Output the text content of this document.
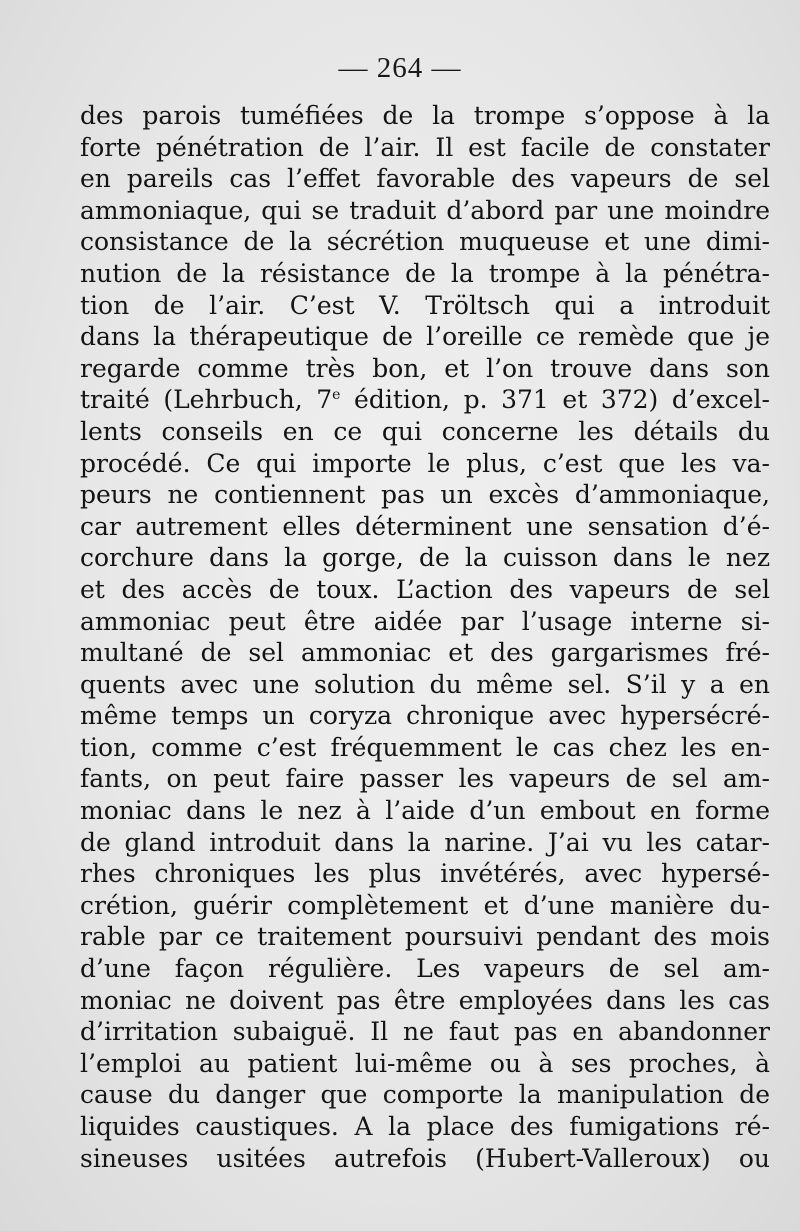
— 264 —
des parois tuméfiées de la trompe s’oppose à la
forte pénétration de l’air. Il est facile de constater
en pareils cas l’effet favorable des vapeurs de sel
ammoniaque, qui se traduit d’abord par une moindre
consistance de la sécrétion muqueuse et une dimi-
nution de la résistance de la trompe à la pénétra-
tion de l’air. C’est V. Tröltsch qui a introduit
dans la thérapeutique de l’oreille ce remède que je
regarde comme très bon, et l’on trouve dans son
traité (Lehrbuch, 7e édition, p. 371 et 372) d’excel-
lents conseils en ce qui concerne les détails du
procédé. Ce qui importe le plus, c’est que les va-
peurs ne contiennent pas un excès d’ammoniaque,
car autrement elles déterminent une sensation d’é-
corchure dans la gorge, de la cuisson dans le nez
et des accès de toux. L’action des vapeurs de sel
ammoniac peut être aidée par l’usage interne si-
multané de sel ammoniac et des gargarismes fré-
quents avec une solution du même sel. S’il y a en
même temps un coryza chronique avec hypersécré-
tion, comme c’est fréquemment le cas chez les en-
fants, on peut faire passer les vapeurs de sel am-
moniac dans le nez à l’aide d’un embout en forme
de gland introduit dans la narine. J’ai vu les catar-
rhes chroniques les plus invétérés, avec hypersé-
crétion, guérir complètement et d’une manière du-
rable par ce traitement poursuivi pendant des mois
d’une façon régulière. Les vapeurs de sel am-
moniac ne doivent pas être employées dans les cas
d’irritation subaiguë. Il ne faut pas en abandonner
l’emploi au patient lui-même ou à ses proches, à
cause du danger que comporte la manipulation de
liquides caustiques. A la place des fumigations ré-
sineuses usitées autrefois (Hubert-Valleroux) ou
